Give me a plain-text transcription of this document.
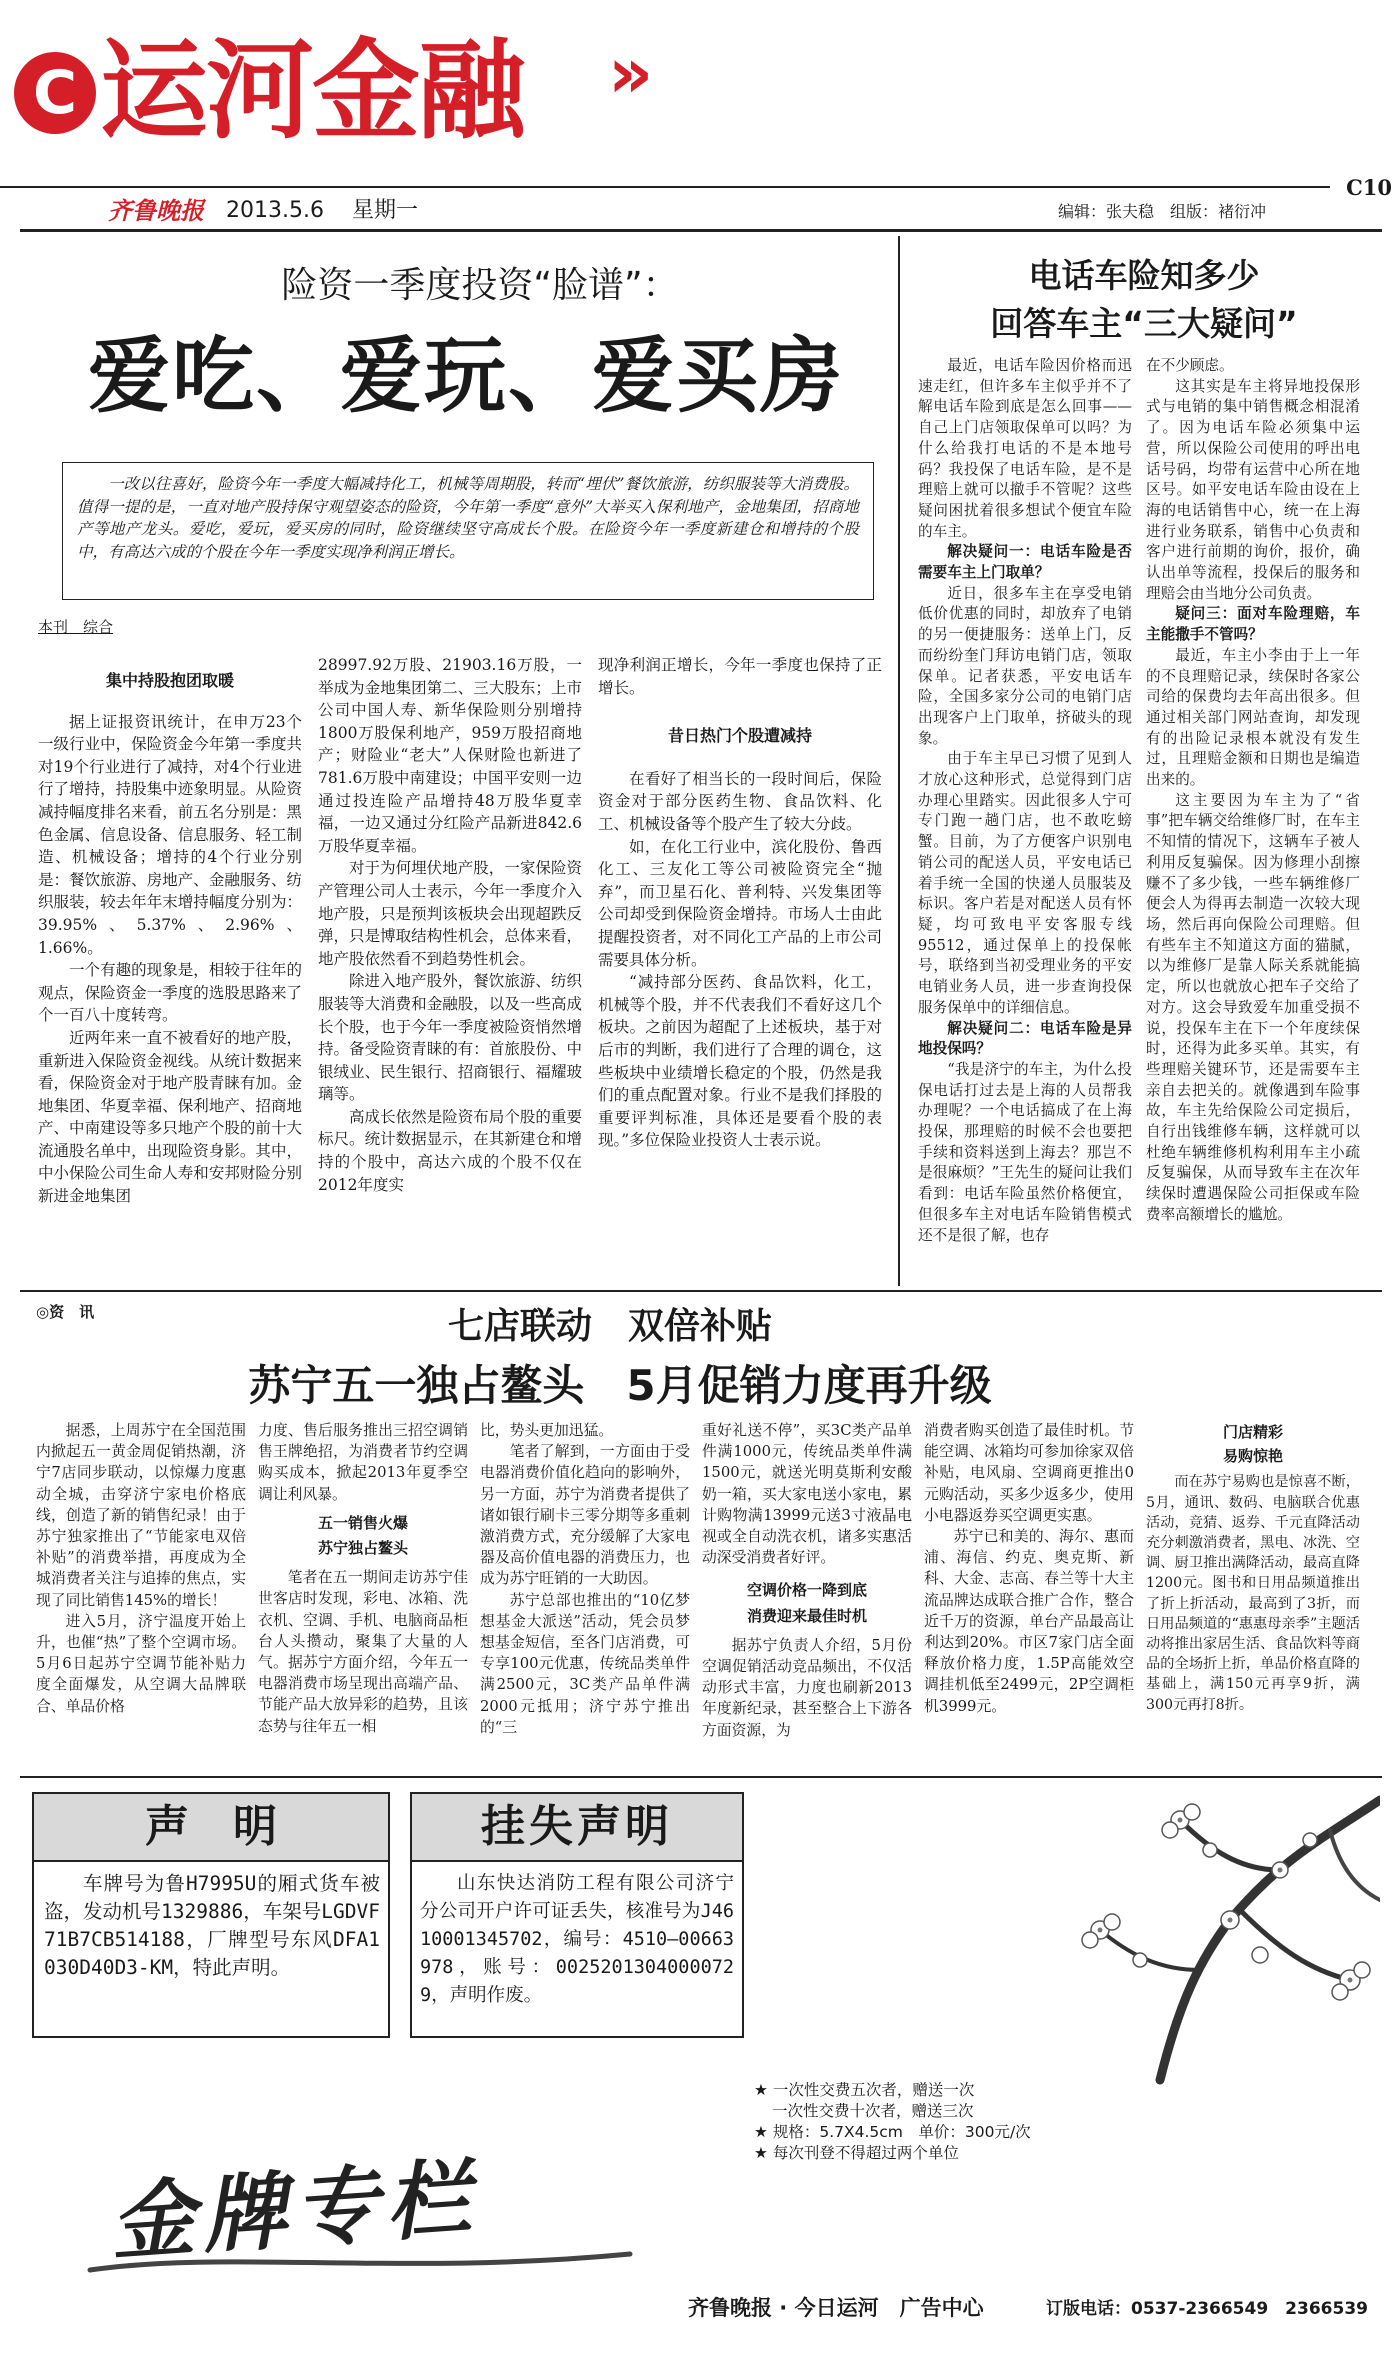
C 运河金融	»
C10
齐鲁晚报	2013.5.6	星期一	编辑：张夫稳　组版：褚衍冲
险资一季度投资“脸谱”：
爱吃、爱玩、爱买房
一改以往喜好，险资今年一季度大幅减持化工，机械等周期股，转而“埋伏”餐饮旅游，纺织服装等大消费股。值得一提的是，一直对地产股持保守观望姿态的险资，今年第一季度“意外”大举买入保利地产，金地集团，招商地产等地产龙头。爱吃，爱玩，爱买房的同时，险资继续坚守高成长个股。在险资今年一季度新建仓和增持的个股中，有高达六成的个股在今年一季度实现净利润正增长。
本刊　综合
集中持股抱团取暖

据上证报资讯统计，在申万23个一级行业中，保险资金今年第一季度共对19个行业进行了减持，对4个行业进行了增持，持股集中迹象明显。从险资减持幅度排名来看，前五名分别是：黑色金属、信息设备、信息服务、轻工制造、机械设备；增持的4个行业分别是：餐饮旅游、房地产、金融服务、纺织服装，较去年年末增持幅度分别为：39.95%、5.37%、2.96%、1.66%。

一个有趣的现象是，相较于往年的观点，保险资金一季度的选股思路来了个一百八十度转弯。

近两年来一直不被看好的地产股，重新进入保险资金视线。从统计数据来看，保险资金对于地产股青睐有加。金地集团、华夏幸福、保利地产、招商地产、中南建设等多只地产个股的前十大流通股名单中，出现险资身影。其中，中小保险公司生命人寿和安邦财险分别新进金地集团

28997.92万股、21903.16万股，一举成为金地集团第二、三大股东；上市公司中国人寿、新华保险则分别增持1800万股保利地产，959万股招商地产；财险业“老大”人保财险也新进了781.6万股中南建设；中国平安则一边通过投连险产品增持48万股华夏幸福，一边又通过分红险产品新进842.6万股华夏幸福。

对于为何埋伏地产股，一家保险资产管理公司人士表示，今年一季度介入地产股，只是预判该板块会出现超跌反弹，只是博取结构性机会，总体来看，地产股依然看不到趋势性机会。

除进入地产股外，餐饮旅游、纺织服装等大消费和金融股，以及一些高成长个股，也于今年一季度被险资悄然增持。备受险资青睐的有：首旅股份、中银绒业、民生银行、招商银行、福耀玻璃等。

高成长依然是险资布局个股的重要标尺。统计数据显示，在其新建仓和增持的个股中，高达六成的个股不仅在2012年度实

现净利润正增长，今年一季度也保持了正增长。

昔日热门个股遭减持

在看好了相当长的一段时间后，保险资金对于部分医药生物、食品饮料、化工、机械设备等个股产生了较大分歧。

如，在化工行业中，滨化股份、鲁西化工、三友化工等公司被险资完全“抛弃”，而卫星石化、普利特、兴发集团等公司却受到保险资金增持。市场人士由此提醒投资者，对不同化工产品的上市公司需要具体分析。

“减持部分医药、食品饮料，化工，机械等个股，并不代表我们不看好这几个板块。之前因为超配了上述板块，基于对后市的判断，我们进行了合理的调仓，这些板块中业绩增长稳定的个股，仍然是我们的重点配置对象。行业不是我们择股的重要评判标准，具体还是要看个股的表现。”多位保险业投资人士表示说。

电话车险知多少
回答车主“三大疑问”

最近，电话车险因价格而迅速走红，但许多车主似乎并不了解电话车险到底是怎么回事——自己上门店领取保单可以吗？为什么给我打电话的不是本地号码？我投保了电话车险，是不是理赔上就可以撤手不管呢？这些疑问困扰着很多想试个便宜车险的车主。

解决疑问一：电话车险是否需要车主上门取单？

近日，很多车主在享受电销低价优惠的同时，却放弃了电销的另一便捷服务：送单上门，反而纷纷奎门拜访电销门店，领取保单。记者获悉，平安电话车险，全国多家分公司的电销门店出现客户上门取单，挤破头的现象。

由于车主早已习惯了见到人才放心这种形式，总觉得到门店办理心里踏实。因此很多人宁可专门跑一趟门店，也不敢吃螃蟹。目前，为了方便客户识别电销公司的配送人员，平安电话已着手统一全国的快递人员服装及标识。客户若是对配送人员有怀疑，均可致电平安客服专线95512，通过保单上的投保帐号，联络到当初受理业务的平安电销业务人员，进一步查询投保服务保单中的详细信息。

解决疑问二：电话车险是异地投保吗？

“我是济宁的车主，为什么投保电话打过去是上海的人员帮我办理呢？一个电话搞成了在上海投保，那理赔的时候不会也要把手续和资料送到上海去？那岂不是很麻烦？”王先生的疑问让我们看到：电话车险虽然价格便宜，但很多车主对电话车险销售模式还不是很了解，也存

在不少顾虑。

这其实是车主将异地投保形式与电销的集中销售概念相混淆了。因为电话车险必须集中运营，所以保险公司使用的呼出电话号码，均带有运营中心所在地区号。如平安电话车险由设在上海的电话销售中心，统一在上海进行业务联系，销售中心负责和客户进行前期的询价，报价，确认出单等流程，投保后的服务和理赔会由当地分公司负责。

疑问三：面对车险理赔，车主能撒手不管吗？

最近，车主小李由于上一年的不良理赔记录，续保时各家公司给的保费均去年高出很多。但通过相关部门网站查询，却发现有的出险记录根本就没有发生过，且理赔金额和日期也是编造出来的。

这主要因为车主为了“省事”把车辆交给维修厂时，在车主不知情的情况下，这辆车子被人利用反复骗保。因为修理小刮擦赚不了多少钱，一些车辆维修厂便会人为得再去制造一次较大现场，然后再向保险公司理赔。但有些车主不知道这方面的猫腻，以为维修厂是靠人际关系就能搞定，所以也就放心把车子交给了对方。这会导致爱车加重受损不说，投保车主在下一个年度续保时，还得为此多买单。其实，有些理赔关键环节，还是需要车主亲自去把关的。就像遇到车险事故，车主先给保险公司定损后，自行出钱维修车辆，这样就可以杜绝车辆维修机构利用车主小疏反复骗保，从而导致车主在次年续保时遭遇保险公司拒保或车险费率高额增长的尴尬。

◎资　讯	七店联动　双倍补贴
苏宁五一独占鳌头　5月促销力度再升级

据悉，上周苏宁在全国范围内掀起五一黄金周促销热潮，济宁7店同步联动，以惊爆力度惠动全城，击穿济宁家电价格底线，创造了新的销售纪录！由于苏宁独家推出了“节能家电双倍补贴”的消费举措，再度成为全城消费者关注与追捧的焦点，实现了同比销售145%的增长！

进入5月，济宁温度开始上升，也催“热”了整个空调市场。5月6日起苏宁空调节能补贴力度全面爆发，从空调大品牌联合、单品价格

力度、售后服务推出三招空调销售王牌绝招，为消费者节约空调购买成本，掀起2013年夏季空调让利风暴。

五一销售火爆
苏宁独占鳌头

笔者在五一期间走访苏宁佳世客店时发现，彩电、冰箱、洗衣机、空调、手机、电脑商品柜台人头攒动，聚集了大量的人气。据苏宁方面介绍，今年五一电器消费市场呈现出高端产品、节能产品大放异彩的趋势，且该态势与往年五一相

比，势头更加迅猛。

笔者了解到，一方面由于受电器消费价值化趋向的影响外，另一方面，苏宁为消费者提供了诸如银行刷卡三零分期等多重刺激消费方式，充分缓解了大家电器及高价值电器的消费压力，也成为苏宁旺销的一大助因。

苏宁总部也推出的“10亿梦想基金大派送”活动，凭会员梦想基金短信，至各门店消费，可专享100元优惠，传统品类单件满2500元，3C类产品单件满2000元抵用；济宁苏宁推出的“三

重好礼送不停”，买3C类产品单件满1000元，传统品类单件满1500元，就送光明莫斯利安酸奶一箱，买大家电送小家电，累计购物满13999元送3寸液晶电视或全自动洗衣机，诸多实惠活动深受消费者好评。

空调价格一降到底
消费迎来最佳时机

据苏宁负责人介绍，5月份空调促销活动竞品频出，不仅活动形式丰富，力度也刷新2013年度新纪录，甚至整合上下游各方面资源，为

消费者购买创造了最佳时机。节能空调、冰箱均可参加徐家双倍补贴，电风扇、空调商更推出0元购活动，买多少返多少，使用小电器返券买空调更实惠。

苏宁已和美的、海尔、惠而浦、海信、约克、奥克斯、新科、大金、志高、春兰等十大主流品牌达成联合推广合作，整合近千万的资源，单台产品最高让利达到20%。市区7家门店全面释放价格力度，1.5P高能效空调挂机低至2499元，2P空调柜机3999元。

门店精彩
易购惊艳

而在苏宁易购也是惊喜不断，5月，通讯、数码、电脑联合优惠活动，竞猜、返券、千元直降活动充分刺激消费者，黑电、冰洗、空调、厨卫推出满降活动，最高直降1200元。图书和日用品频道推出了折上折活动，最高到了3折，而日用品频道的“惠惠母亲季”主题活动将推出家居生活、食品饮料等商品的全场折上折，单品价格直降的基础上，满150元再享9折，满300元再打8折。

声　明
车牌号为鲁H7995U的厢式货车被盗，发动机号1329886，车架号LGDVF71B7CB514188，厂牌型号东风DFA1030D40D3-KM，特此声明。
挂失声明
山东快达消防工程有限公司济宁分公司开户许可证丢失，核准号为J4610001345702，编号：4510—00663978，账号：00252013040000729，声明作废。
金牌专栏
★ 一次性交费五次者，赠送一次
一次性交费十次者，赠送三次
★ 规格：5.7X4.5cm　单价：300元/次
★ 每次刊登不得超过两个单位
齐鲁晚报 · 今日运河　广告中心	订版电话：0537-2366549　2366539
